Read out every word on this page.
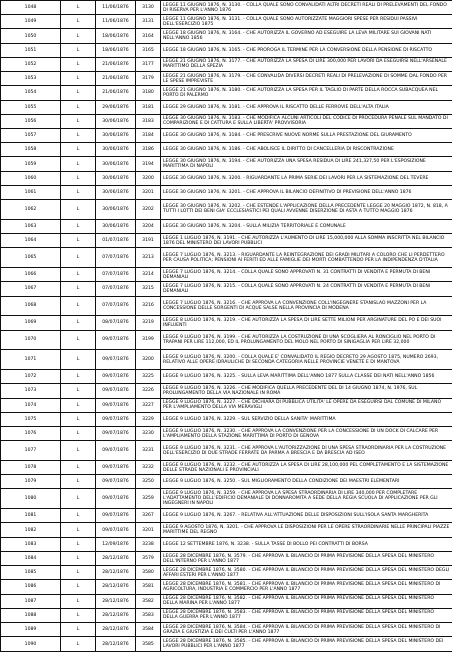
1048	L	11/06/1876	3130	LEGGE 11 GIUGNO 1876, N. 3130. - COLLA QUALE SONO CONVALIDATI ALTRI DECRETI REALI DI PRELEVAMENTI DEL FONDO DI RISERVA PER L'ANNO 1876
1049	L	11/06/1876	3131	LEGGE 11 GIUGNO 1876, N. 3131. - COLLA QUALE SONO AUTORIZZATE MAGGIORI SPESE PER RESIDUI PASSIVI DELL'ESERCIZIO 1875
1050	L	18/06/1876	3164	LEGGE 18 GIUGNO 1876, N. 3164. - CHE AUTORIZZA IL GOVERNO AD ESEGUIRE LA LEVA MILITARE SUI GIOVANI NATI NELL'ANNO 1856
1051	L	18/06/1876	3165	LEGGE 18 GIUGNO 1876, N. 3165. - CHE PROROGA IL TERMINE PER LA CONVERSIONE DELLA PENSIONE DI RISCATTO
1052	L	21/06/1876	3177	LEGGE 21 GIUGNO 1876, N. 3177. - CHE AUTORIZZA LA SPESA DI LIRE 300,000 PER LAVORI DA ESEGUIRSI NELL'ARSENALE MARITTIMO DELLA SPEZIA
1053	L	21/06/1876	3179	LEGGE 21 GIUGNO 1876, N. 3179. - CHE CONVALIDA DIVERSI DECRETI REALI DI PRELEVAZIONE DI SOMME DAL FONDO PER LE SPESE IMPREVISTE
1054	L	21/06/1876	3180	LEGGE 21 GIUGNO 1876, N. 3180. - CHE AUTORIZZA LA SPESA PER IL TAGLIO DI PARTE DELLA ROCCA SUBACQUEA NEL PORTO DI PALERMO
1055	L	29/06/1876	3181	LEGGE 29 GIUGNO 1876, N. 3181. - CHE APPROVA IL RISCATTO DELLE FERROVIE DELL'ALTA ITALIA
1056	L	30/06/1876	3183	LEGGE 30 GIUGNO 1876, N. 3183. - CHE MODIFICA ALCUNI ARTICOLI DEL CODICE DI PROCEDURA PENALE SUL MANDATO DI COMPARIZIONE E DI CATTURA E SULLA LIBERTA' PROVVISORIA
1057	L	30/06/1876	3184	LEGGE 30 GIUGNO 1876, N. 3184. - CHE PRESCRIVE NUOVE NORME SULLA PRESTAZIONE DEL GIURAMENTO
1058	L	30/06/1876	3186	LEGGE 30 GIUGNO 1876, N. 3186. - CHE ABOLISCE IL DIRITTO DI CANCELLERIA DI RISCONTRAZIONE
1059	L	30/06/1876	3194	LEGGE 30 GIUGNO 1876, N. 3194. - CHE AUTORIZZA UNA SPESA RESIDUA DI LIRE 241,327,50 PER L'ESPOSIZIONE MARITTIMA DI NAPOLI
1060	L	30/06/1876	3200	LEGGE 30 GIUGNO 1876, N. 3200. - RIGUARDANTE LA PRIMA SERIE DEI LAVORI PER LA SISTEMAZIONE DEL TEVERE
1061	L	30/06/1876	3201	LEGGE 30 GIUGNO 1876, N. 3201. - CHE APPROVA IL BILANCIO DEFINITIVO DI PREVISIONE DELL'ANNO 1876
1062	L	30/06/1876	3202	LEGGE 30 GIUGNO 1876, N. 3202. - CHE ESTENDE L'APPLICAZIONE DELLA PRECEDENTE LEGGE 20 MAGGIO 1872, N. 818, A TUTTI I LOTTI DEI BENI GIA' ECCLESIASTICI PEI QUALI AVVENNE DISERZIONE DI ASTA A TUTTO MAGGIO 1876
1063	L	30/06/1876	3204	LEGGE 30 GIUGNO 1876, N. 3204. - SULLA MILIZIA TERRITORIALE E COMUNALE
1064	L	01/07/1876	3191	LEGGE 1 LUGLIO 1876, N. 3191. - CHE AUTORIZZA L'AUMENTO DI LIRE 15,000,000 ALLA SOMMA INSCRITTA NEL BILANCIO 1876 DEL MINISTERO DEI LAVORI PUBBLICI
1065	L	07/07/1876	3213	LEGGE 7 LUGLIO 1876, N. 3213. - RIGUARDANTE LA REINTEGRAZIONE DEI GRADI MILITARI A COLORO CHE LI PERDETTERO PER CAUSA POLITICA; PENSIONI AI FERITI ED ALLE FAMIGLIE DEI MORTI COMBATTENDO PER LA INDIPENDENZA D'ITALIA
1066	L	07/07/1876	3214	LEGGE 7 LUGLIO 1876, N. 3214. - COLLA QUALE SONO APPROVATI N. 31 CONTRATTI DI VENDITA E PERMUTA DI BENI DEMANIALI
1067	L	07/07/1876	3215	LEGGE 7 LUGLIO 1876, N. 3215. - COLLA QUALE SONO APPROVATI N. 24 CONTRATTI DI VENDITA E PERMUTA DI BENI DEMANIALI
1068	L	07/07/1876	3216	LEGGE 7 LUGLIO 1876, N. 3216. - CHE APPROVA LA CONVENZIONE COLL'INGEGNERE STANISLAO MAZZONI PER LA CONCESSIONE DELLE SORGENTI DI ACQUE SALSE NELLA PROVINCIA DI MODENA
1069	L	08/07/1876	3219	LEGGE 8 LUGLIO 1876, N. 3219. - CHE AUTORIZZA LA SPESA DI LIRE SETTE MILIONI PER ARGINATURE DEL PO E DEI SUOI INFLUENTI
1070	L	09/07/1876	3199	LEGGE 9 LUGLIO 1876, N. 3199. - CHE AUTORIZZA LA COSTRUZIONE DI UNA SCOGLIERA AL RONCIGLIO NEL PORTO DI TRAPANI PER LIRE 112,000, ED IL PROLUNGAMENTO DEL MOLO NEL PORTO DI SINIGAGLIA PER LIRE 32,000
1071	L	09/07/1876	3200	LEGGE 9 LUGLIO 1876, N. 3200. - COLLA QUALE E' CONVALIDATO IL REGIO DECRETO 29 AGOSTO 1875, NUMERO 2693, RELATIVO ALLE OPERE IDRAULICHE DI SECONDA CATEGORIA NELLE PROVINCIE VENETE E DI MANTOVA
1072	L	09/07/1876	3225	LEGGE 9 LUGLIO 1876, N. 3225. - SULLA LEVA MARITTIMA DELL'ANNO 1877 SULLA CLASSE DEI NATI NELL'ANNO 1856
1073	L	09/07/1876	3226	LEGGE 9 LUGLIO 1876, N. 3226. - CHE MODIFICA QUELLA PRECEDENTE DEL DI 14 GIUGNO 1874, N. 1976, SUL PROLUNGAMENTO DELLA VIA NAZIONALE IN ROMA
1074	L	09/07/1876	3227	LEGGE 9 LUGLIO 1876, N. 3227. - CHE DICHIARA DI PUBBLICA UTILITA' LE OPERE DA ESEGUIRSI DAL COMUNE DI MILANO PER L'AMPLIAMENTO DELLA VIA MERAVIGLI
1075	L	09/07/1876	3229	LEGGE 9 LUGLIO 1876, N. 3229. - SUL SERVIZIO DELLA SANITA' MARITTIMA
1076	L	09/07/1876	3230	LEGGE 9 LUGLIO 1876, N. 3230. - CHE APPROVA LA CONVENZIONE PER LA CONCESSIONE DI UN DOCK DI CALCARE PER L'AMPLIAMENTO DELLA STAZIONE MARITTIMA DI PORTO DI GENOVA
1077	L	09/07/1876	3231	LEGGE 9 LUGLIO 1876, N. 3231. - CHE APPROVA L'AUTORIZZAZIONE DI UNA SPESA STRAORDINARIA PER LA COSTRUZIONE DELL'ESERCIZIO DI DUE STRADE FERRATE DA PARMA A BRESCIA E DA BRESCIA AD ISEO
1078	L	09/07/1876	3232	LEGGE 9 LUGLIO 1876, N. 3232. - CHE AUTORIZZA LA SPESA DI LIRE 28,100,000 PEL COMPLETAMENTO E LA SISTEMAZIONE DELLE STRADE NAZIONALI E PROVINCIALI
1079	L	09/07/1876	3250	LEGGE 9 LUGLIO 1876, N. 3250. - SUL MIGLIORAMENTO DELLA CONDIZIONE DEI MAESTRI ELEMENTARI
1080	L	09/07/1876	3259	LEGGE 9 LUGLIO 1876, N. 3259. - CHE APPROVA LA SPESA STRAORDINARIA DI LIRE 340,000 PER COMPLETARE L'ADATTAMENTO DELL'EDIFICIO DEMANIALE DI DONNAROMITA A SEDE DELLA REGIA SCUOLA DI APPLICAZIONE PER GLI INGEGNERI IN NAPOLI
1081	L	09/07/1876	3267	LEGGE 9 LUGLIO 1876, N. 3267. - RELATIVA ALL'ATTUAZIONE DELLE DISPOSIZIONI SULL'ISOLA SANTA MARGHERITA
1082	L	09/07/1876	3201	LEGGE 9 AGOSTO 1876, N. 3201. - CHE APPROVA LE DISPOSIZIONI PER LE OPERE STRAORDINARIE NELLE PRINCIPALI PIAZZE MARITTIME DEL REGNO
1083	L	12/09/1876	3238	LEGGE 12 SETTEMBRE 1876, N. 3238. - SULLA TASSE DI BOLLO PEI CONTRATTI DI BORSA
1084	L	28/12/1876	3579	LEGGE 28 DICEMBRE 1876, N. 3579. - CHE APPROVA IL BILANCIO DI PRIMA PREVISIONE DELLA SPESA DEL MINISTERO DELL'INTERNO PER L'ANNO 1877
1085	L	28/12/1876	3580	LEGGE 28 DICEMBRE 1876, N. 3580. - CHE APPROVA IL BILANCIO DI PRIMA PREVISIONE DELLA SPESA DEL MINISTERO DEGLI AFFARI ESTERI PER L'ANNO 1877
1086	L	28/12/1876	3581	LEGGE 28 DICEMBRE 1876, N. 3581. - CHE APPROVA IL BILANCIO DI PRIMA PREVISIONE DELLA SPESA DEL MINISTERO DI AGRICOLTURA, INDUSTRIA E COMMERCIO PER L'ANNO 1877
1087	L	28/12/1876	3582	LEGGE 28 DICEMBRE 1876, N. 3582. - CHE APPROVA IL BILANCIO DI PRIMA PREVISIONE DELLA SPESA DEL MINISTERO DELLA MARINA PER L'ANNO 1877
1088	L	28/12/1876	3583	LEGGE 28 DICEMBRE 1876, N. 3583. - CHE APPROVA IL BILANCIO DI PRIMA PREVISIONE DELLA SPESA DEL MINISTERO DELLA GUERRA PER L'ANNO 1877
1089	L	28/12/1876	3584	LEGGE 28 DICEMBRE 1876, N. 3584. - CHE APPROVA IL BILANCIO DI PRIMA PREVISIONE DELLA SPESA DEL MINISTERO DI GRAZIA E GIUSTIZIA E DEI CULTI PER L'ANNO 1877
1090	L	28/12/1876	3585	LEGGE 28 DICEMBRE 1876, N. 3585. - CHE APPROVA IL BILANCIO DI PRIMA PREVISIONE DELLA SPESA DEL MINISTERO DEI LAVORI PUBBLICI PER L'ANNO 1877
